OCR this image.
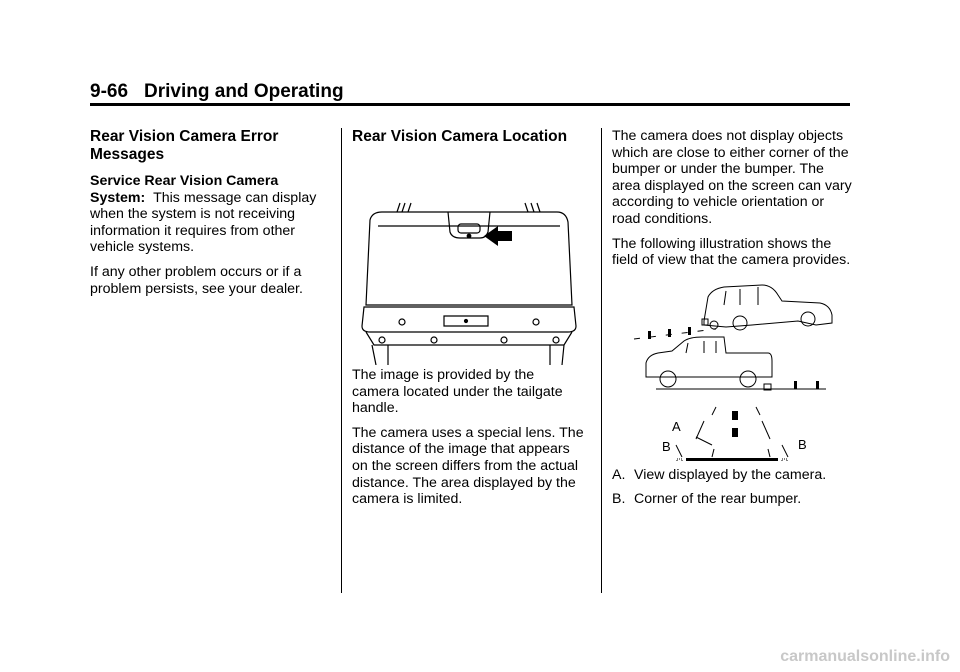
9-66 Driving and Operating
Rear Vision Camera Error Messages

Service Rear Vision Camera System: This message can display when the system is not receiving information it requires from other vehicle systems.

If any other problem occurs or if a problem persists, see your dealer.

Rear Vision Camera Location

The image is provided by the camera located under the tailgate handle.

The camera uses a special lens. The distance of the image that appears on the screen differs from the actual distance. The area displayed by the camera is limited.

The camera does not display objects which are close to either corner of the bumper or under the bumper. The area displayed on the screen can vary according to vehicle orientation or road conditions.

The following illustration shows the field of view that the camera provides.

A
B	B

A. View displayed by the camera.

B. Corner of the rear bumper.

carmanualsonline.info
